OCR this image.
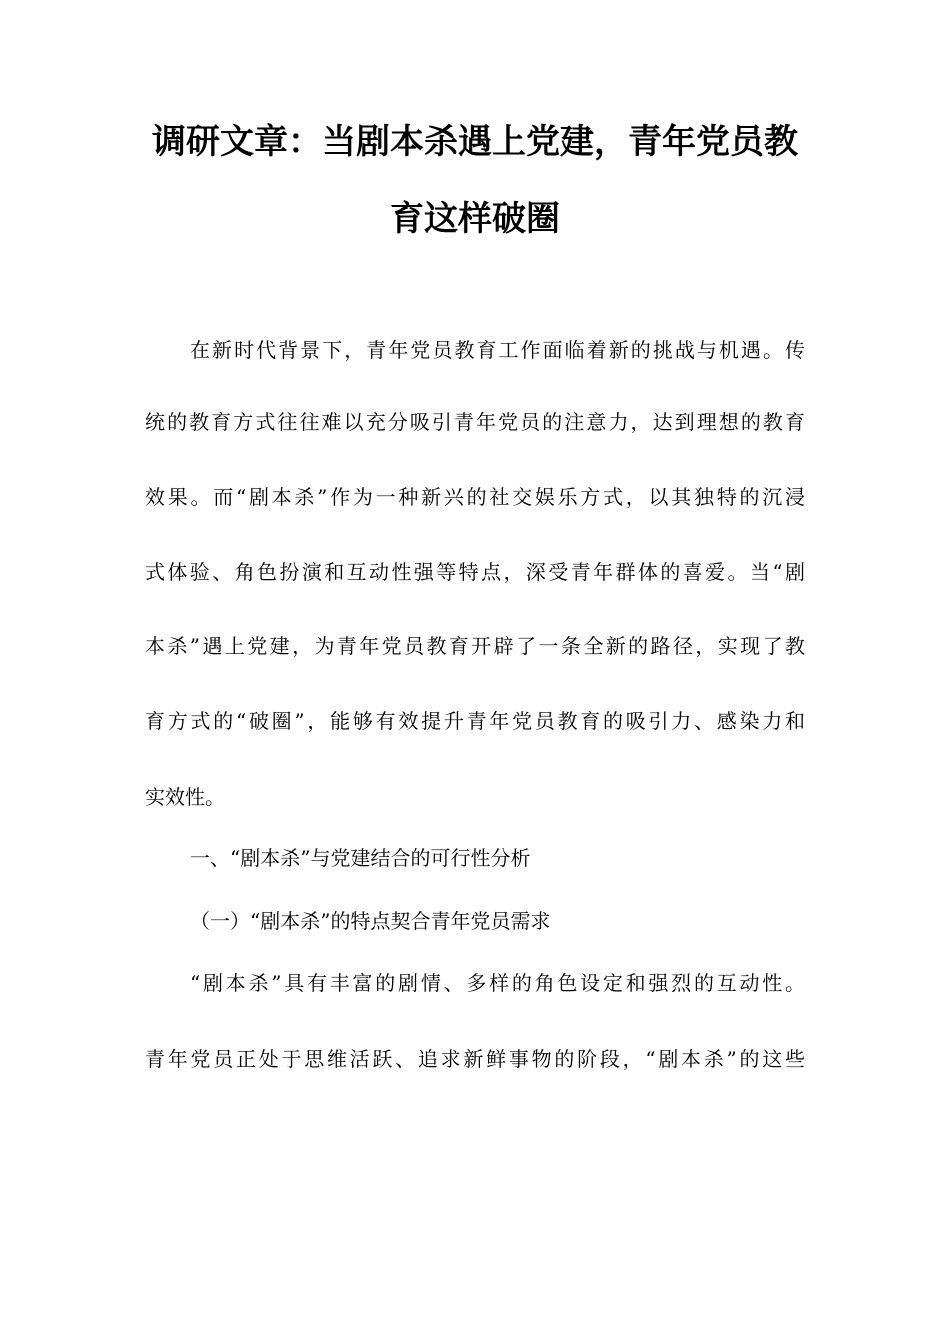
调研文章：当剧本杀遇上党建，青年党员教
育这样破圈

在新时代背景下，青年党员教育工作面临着新的挑战与机遇。传

统的教育方式往往难以充分吸引青年党员的注意力，达到理想的教育

效果。而“剧本杀”作为一种新兴的社交娱乐方式，以其独特的沉浸

式体验、角色扮演和互动性强等特点，深受青年群体的喜爱。当“剧

本杀”遇上党建，为青年党员教育开辟了一条全新的路径，实现了教

育方式的“破圈”，能够有效提升青年党员教育的吸引力、感染力和

实效性。

一、“剧本杀”与党建结合的可行性分析

（一）“剧本杀”的特点契合青年党员需求

“剧本杀”具有丰富的剧情、多样的角色设定和强烈的互动性。

青年党员正处于思维活跃、追求新鲜事物的阶段，“剧本杀”的这些
